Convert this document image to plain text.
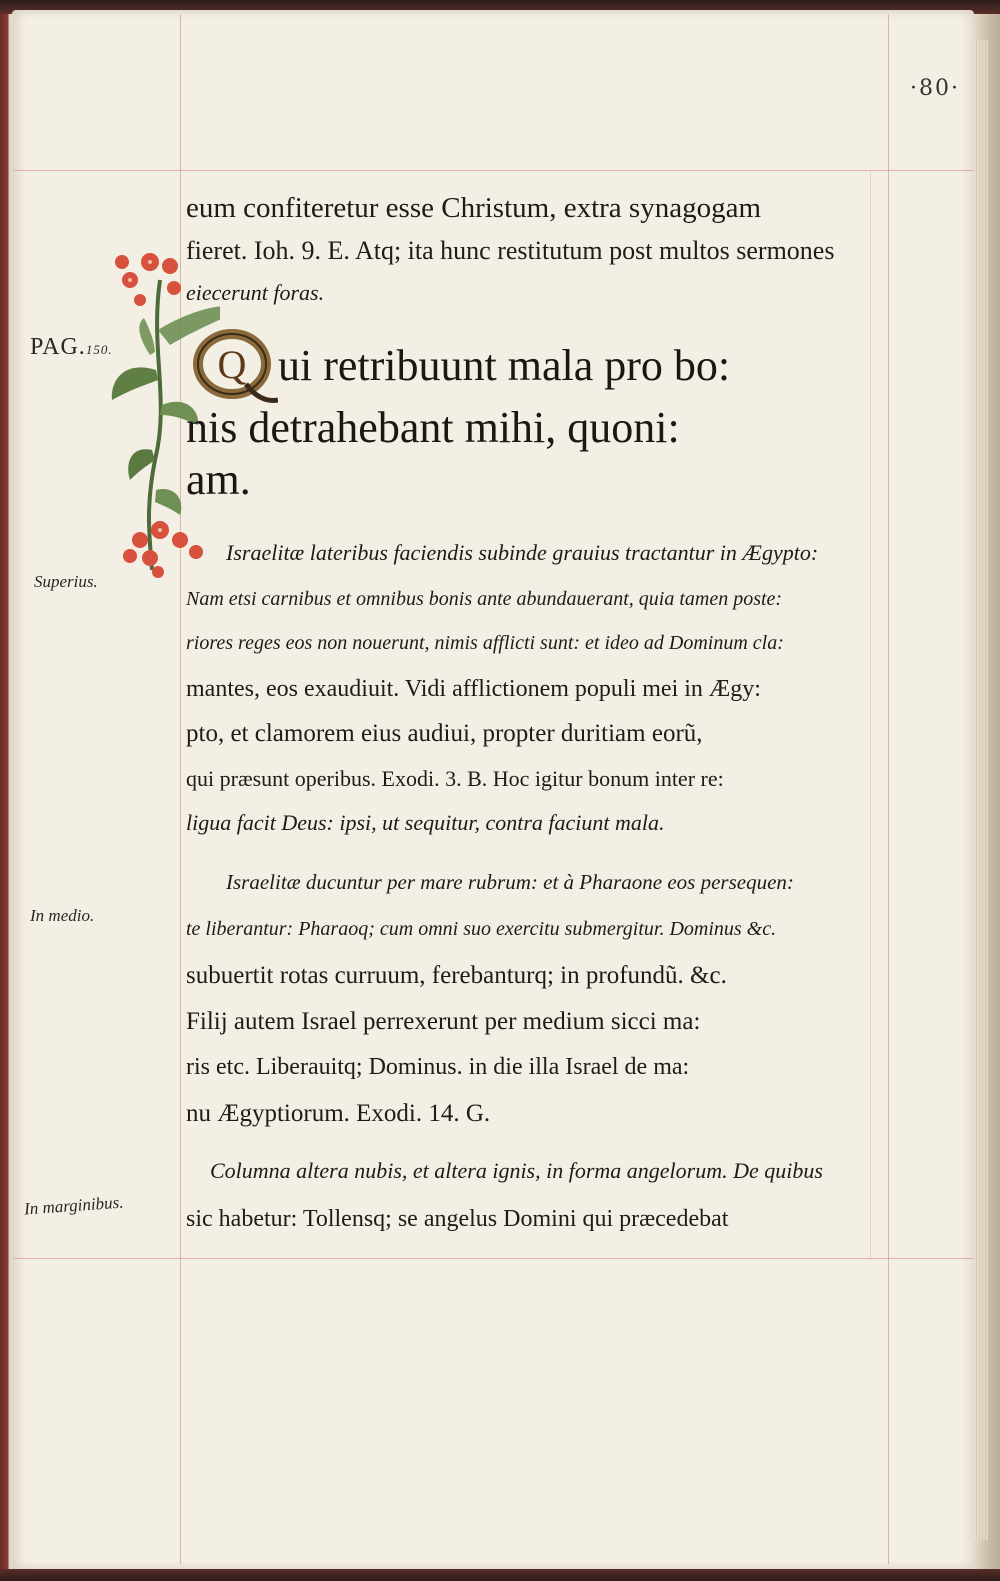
·80·
PAG.150.
Superius.
In medio.
In marginibus.
eum confiteretur esse Christum, extra synagogam
fieret. Ioh. 9. E. Atq; ita hunc restitutum post multos sermones
eiecerunt foras.
Q ui retribuunt mala pro bo:
nis detrahebant mihi, quoni:
am.
Israelitæ lateribus faciendis subinde grauius tractantur in Ægypto:
Nam etsi carnibus et omnibus bonis ante abundauerant, quia tamen poste:
riores reges eos non nouerunt, nimis afflicti sunt: et ideo ad Dominum cla:
mantes, eos exaudiuit. Vidi afflictionem populi mei in Ægy:
pto, et clamorem eius audiui, propter duritiam eorũ,
qui præsunt operibus. Exodi. 3. B. Hoc igitur bonum inter re:
ligua facit Deus: ipsi, ut sequitur, contra faciunt mala.
Israelitæ ducuntur per mare rubrum: et à Pharaone eos persequen:
te liberantur: Pharaoq; cum omni suo exercitu submergitur. Dominus &c.
subuertit rotas curruum, ferebanturq; in profundũ. &c.
Filij autem Israel perrexerunt per medium sicci ma:
ris etc. Liberauitq; Dominus. in die illa Israel de ma:
nu Ægyptiorum. Exodi. 14. G.
Columna altera nubis, et altera ignis, in forma angelorum. De quibus
sic habetur: Tollensq; se angelus Domini qui præcedebat
